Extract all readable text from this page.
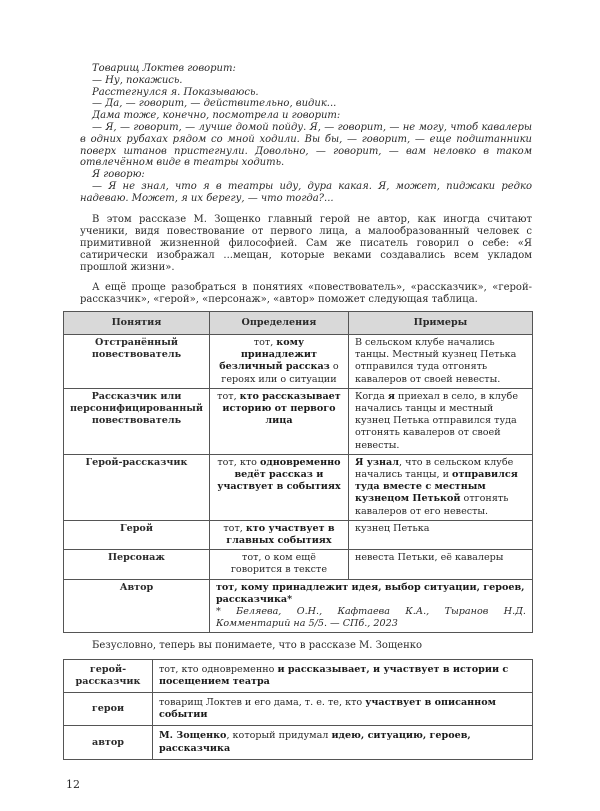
Товарищ Локтев говорит:

— Ну, покажись.

Расстегнулся я. Показываюсь.

— Да, — говорит, — действительно, видик...

Дама тоже, конечно, посмотрела и говорит:

— Я, — говорит, — лучше домой пойду. Я, — говорит, — не могу, чтоб кавалеры в одних рубахах рядом со мной ходили. Вы бы, — говорит, — еще подштанники поверх штанов пристегнули. Довольно, — говорит, — вам неловко в таком отвлечённом виде в театры ходить.

Я говорю:

— Я не знал, что я в театры иду, дура какая. Я, может, пиджаки редко надеваю. Может, я их берегу, — что тогда?...

В этом рассказе М. Зощенко главный герой не автор, как иногда считают ученики, видя повествование от первого лица, а малообразованный человек с примитивной жизненной философией. Сам же писатель говорил о себе: «Я сатирически изображал ...мещан, которые веками создавались всем укладом прошлой жизни».

А ещё проще разобраться в понятиях «повествователь», «рассказчик», «герой-рассказчик», «герой», «персонаж», «автор» поможет следующая таблица.

Понятия	Определения	Примеры
Отстранённый повествователь	тот, кому принадлежит безличный рассказ о героях или о ситуации	В сельском клубе начались танцы. Местный кузнец Петька отправился туда отгонять кавалеров от своей невесты.
Рассказчик или персонифицированный повествователь	тот, кто рассказывает историю от первого лица	Когда я приехал в село, в клубе начались танцы и местный кузнец Петька отправился туда отгонять кавалеров от своей невесты.
Герой-рассказчик	тот, кто одновременно ведёт рассказ и участвует в событиях	Я узнал, что в сельском клубе начались танцы, и отправился туда вместе с местным кузнецом Петькой отгонять кавалеров от его невесты.
Герой	тот, кто участвует в главных событиях	кузнец Петька
Персонаж	тот, о ком ещё говорится в тексте	невеста Петьки, её кавалеры
Автор	тот, кому принадлежит идея, выбор ситуации, героев, рассказчика*
* Беляева, О.Н., Кафтаева К.А., Тыранов Н.Д. Комментарий на 5/5. — СПб., 2023	

Безусловно, теперь вы понимаете, что в рассказе М. Зощенко

герой-рассказчик	тот, кто одновременно и рассказывает, и участвует в истории с посещением театра
герои	товарищ Локтев и его дама, т. е. те, кто участвует в описанном событии
автор	М. Зощенко, который придумал идею, ситуацию, героев, рассказчика
12
